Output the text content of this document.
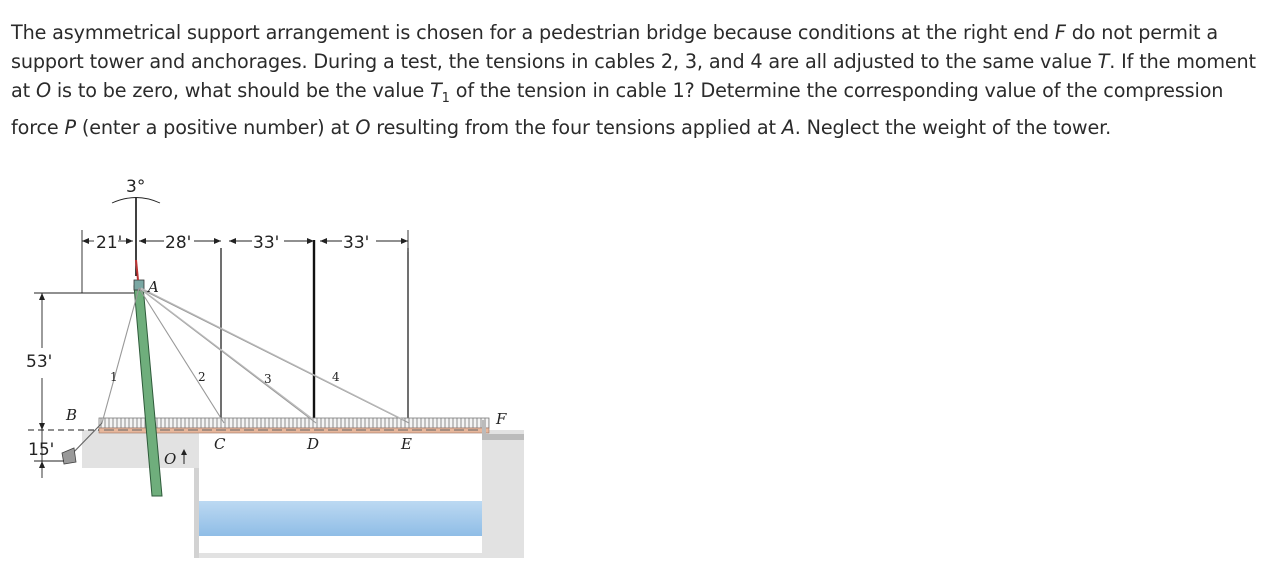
The asymmetrical support arrangement is chosen for a pedestrian bridge because conditions at the right end F do not permit a support tower and anchorages. During a test, the tensions in cables 2, 3, and 4 are all adjusted to the same value T. If the moment at O is to be zero, what should be the value $T_1$ of the tension in cable 1? Determine the corresponding value of the compression force P (enter a positive number) at O resulting from the four tensions applied at A. Neglect the weight of the tower.

3°
21'	28'	33'	33'
53'
15'
A
B
C	D	E
F
O
1	2	3	4
